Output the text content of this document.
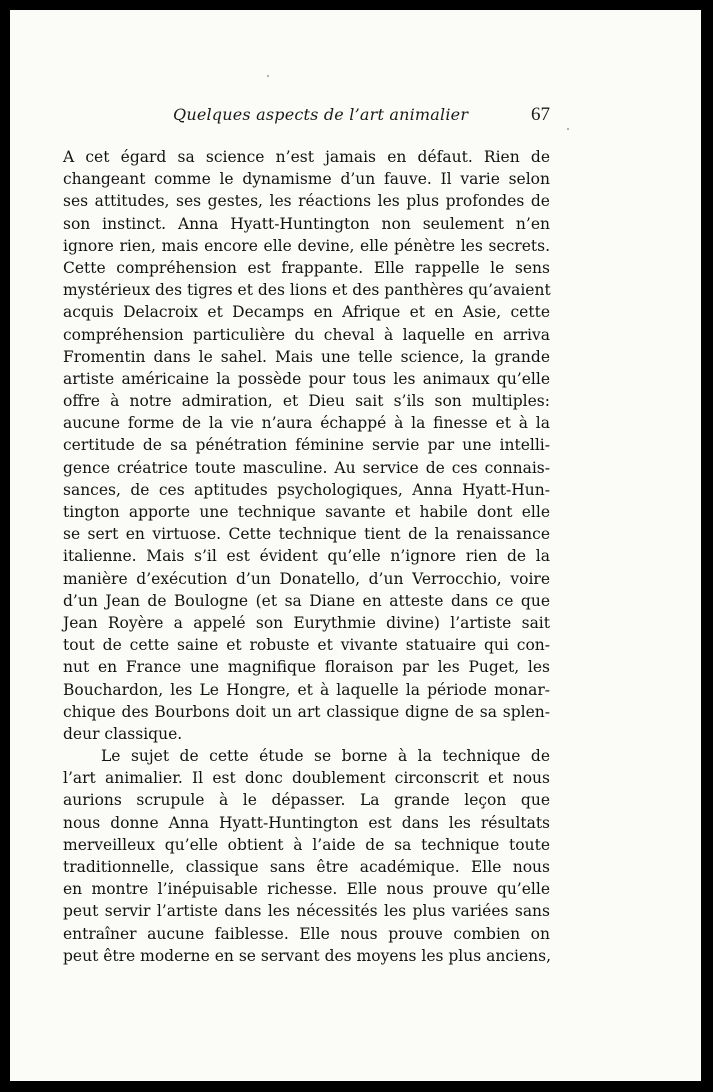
Quelques aspects de l’art animalier	67
A cet égard sa science n’est jamais en défaut. Rien de
changeant comme le dynamisme d’un fauve. Il varie selon
ses attitudes, ses gestes, les réactions les plus profondes de
son instinct. Anna Hyatt-Huntington non seulement n’en
ignore rien, mais encore elle devine, elle pénètre les secrets.
Cette compréhension est frappante. Elle rappelle le sens
mystérieux des tigres et des lions et des panthères qu’avaient
acquis Delacroix et Decamps en Afrique et en Asie, cette
compréhension particulière du cheval à laquelle en arriva
Fromentin dans le sahel. Mais une telle science, la grande
artiste américaine la possède pour tous les animaux qu’elle
offre à notre admiration, et Dieu sait s’ils son multiples:
aucune forme de la vie n’aura échappé à la finesse et à la
certitude de sa pénétration féminine servie par une intelli-
gence créatrice toute masculine. Au service de ces connais-
sances, de ces aptitudes psychologiques, Anna Hyatt-Hun-
tington apporte une technique savante et habile dont elle
se sert en virtuose. Cette technique tient de la renaissance
italienne. Mais s’il est évident qu’elle n’ignore rien de la
manière d’exécution d’un Donatello, d’un Verrocchio, voire
d’un Jean de Boulogne (et sa Diane en atteste dans ce que
Jean Royère a appelé son Eurythmie divine) l’artiste sait
tout de cette saine et robuste et vivante statuaire qui con-
nut en France une magnifique floraison par les Puget, les
Bouchardon, les Le Hongre, et à laquelle la période monar-
chique des Bourbons doit un art classique digne de sa splen-
deur classique.
Le sujet de cette étude se borne à la technique de
l’art animalier. Il est donc doublement circonscrit et nous
aurions scrupule à le dépasser. La grande leçon que
nous donne Anna Hyatt-Huntington est dans les résultats
merveilleux qu’elle obtient à l’aide de sa technique toute
traditionnelle, classique sans être académique. Elle nous
en montre l’inépuisable richesse. Elle nous prouve qu’elle
peut servir l’artiste dans les nécessités les plus variées sans
entraîner aucune faiblesse. Elle nous prouve combien on
peut être moderne en se servant des moyens les plus anciens,
